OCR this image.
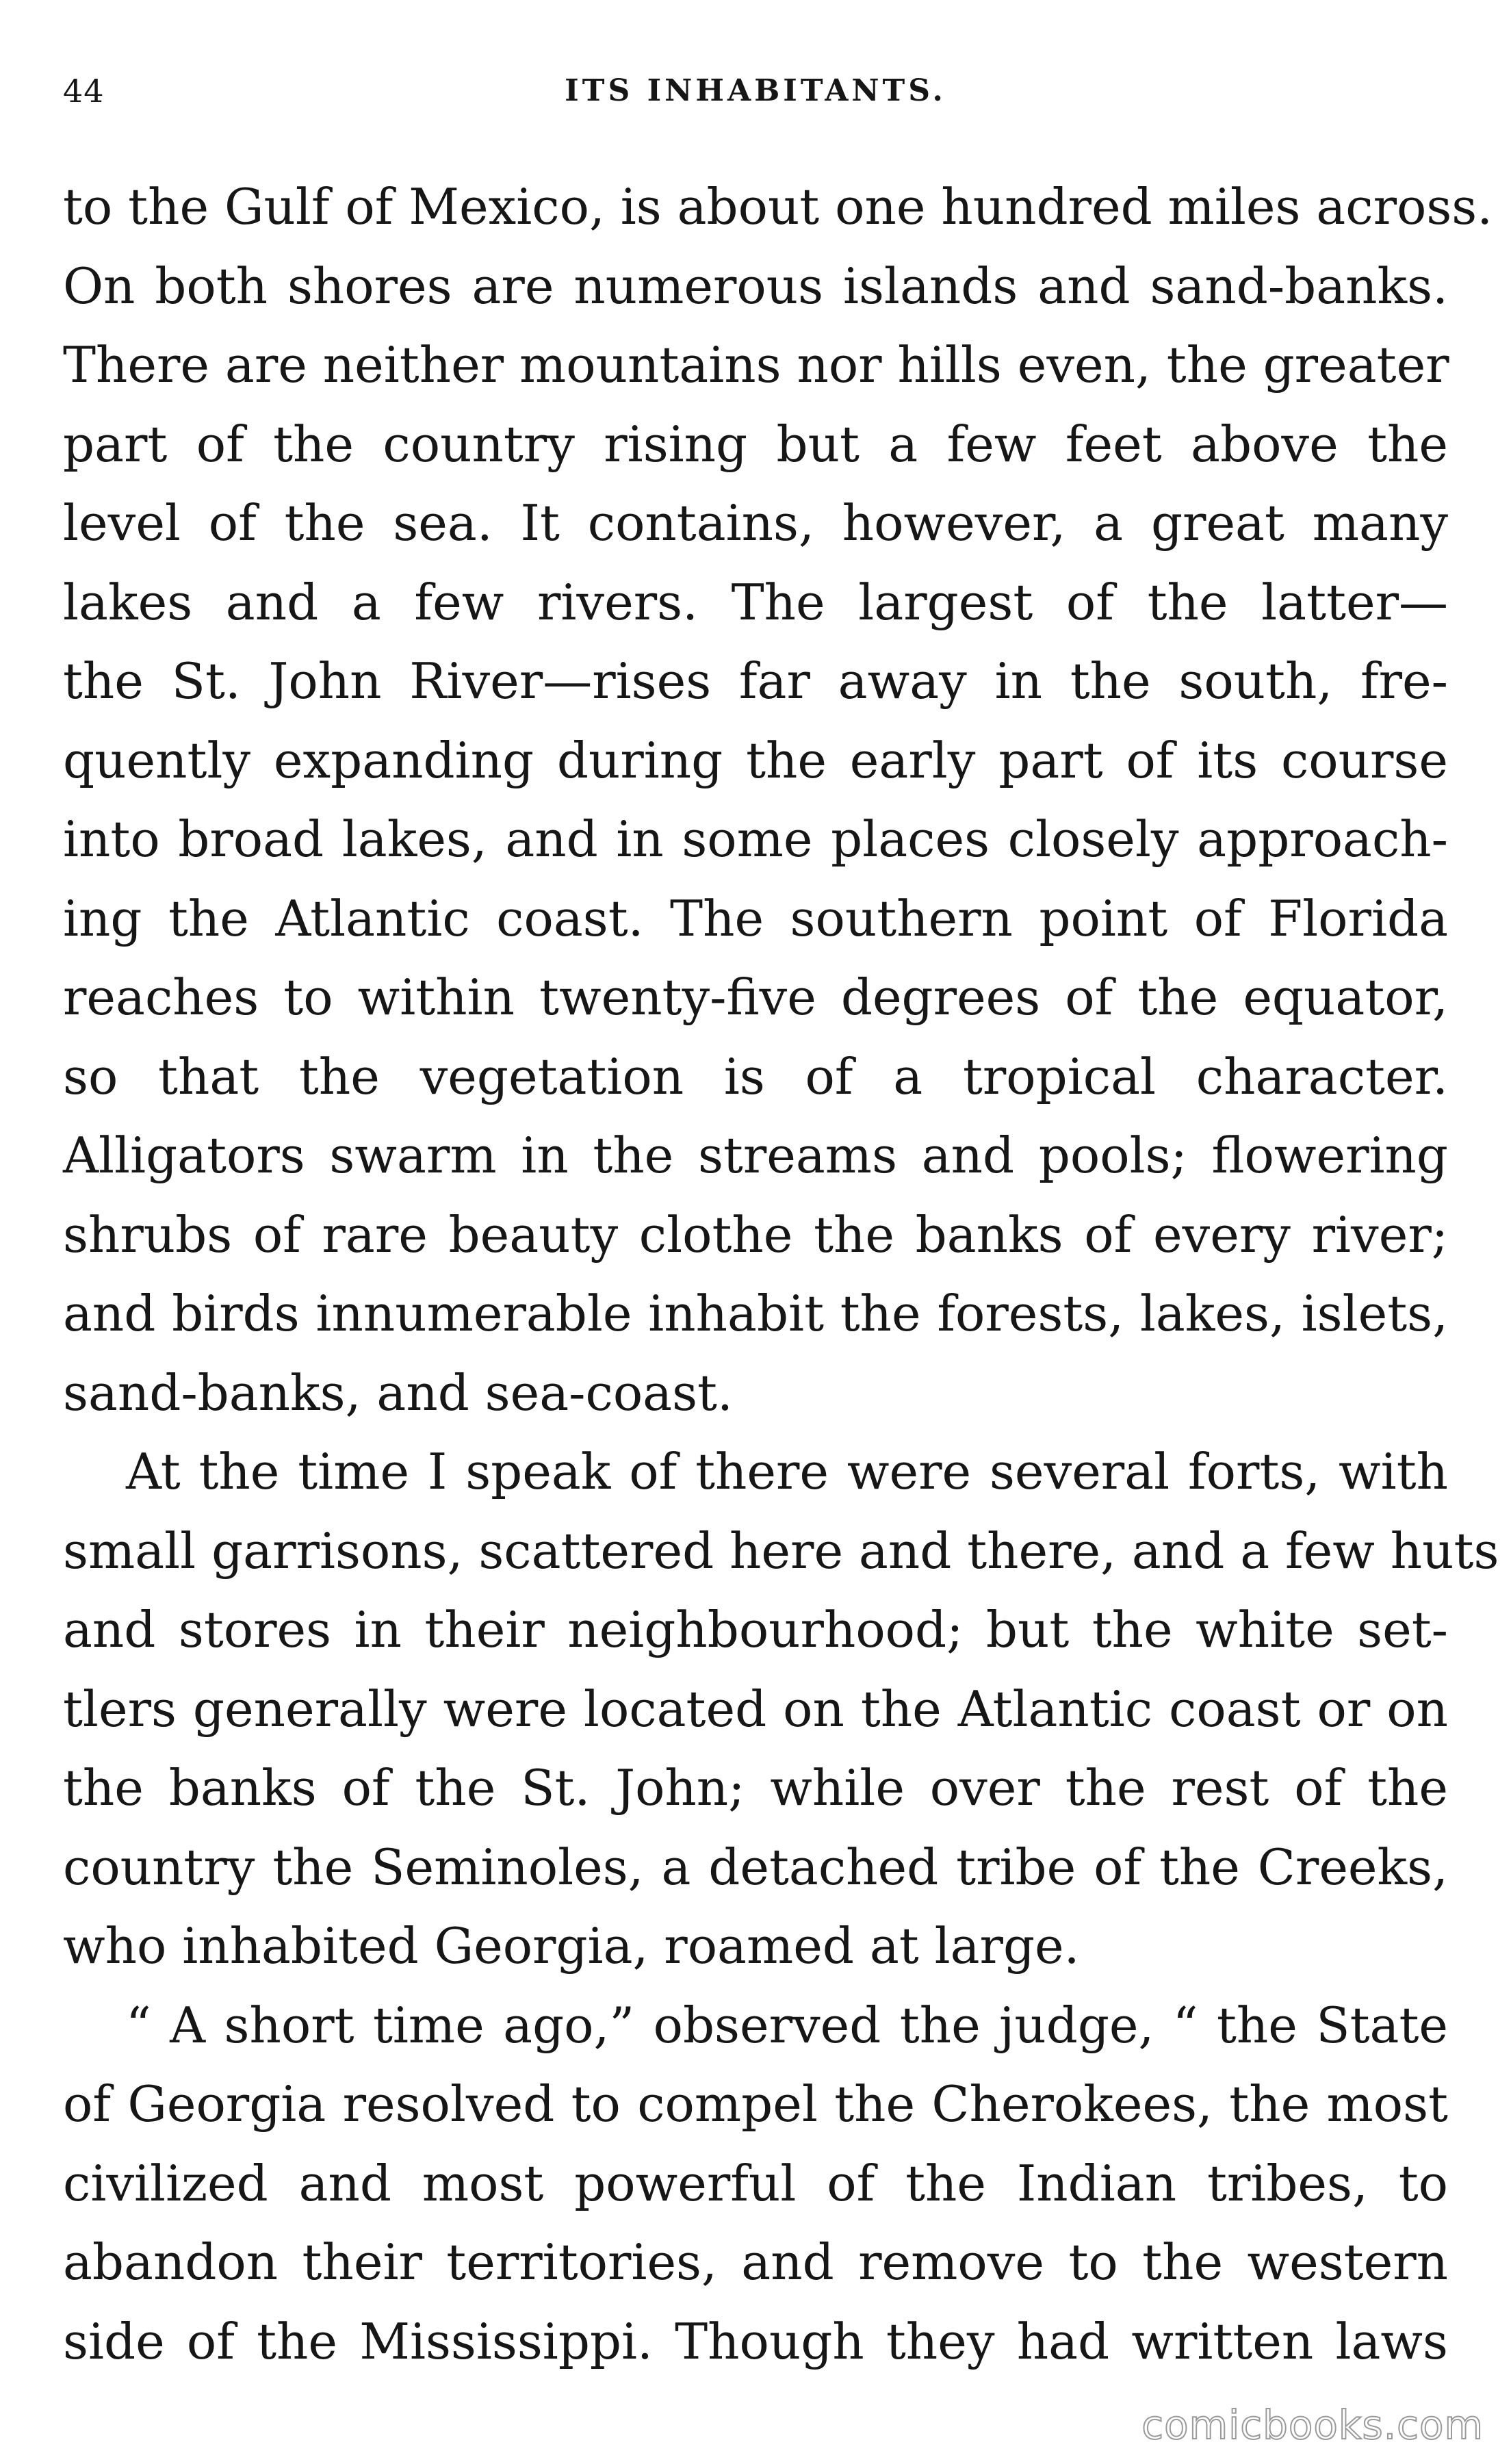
44	ITS INHABITANTS.
to the Gulf of Mexico, is about one hundred miles across.
On both shores are numerous islands and sand-banks.
There are neither mountains nor hills even, the greater
part of the country rising but a few feet above the
level of the sea. It contains, however, a great many
lakes and a few rivers. The largest of the latter—
the St. John River—rises far away in the south, fre-
quently expanding during the early part of its course
into broad lakes, and in some places closely approach-
ing the Atlantic coast. The southern point of Florida
reaches to within twenty-five degrees of the equator,
so that the vegetation is of a tropical character.
Alligators swarm in the streams and pools; flowering
shrubs of rare beauty clothe the banks of every river;
and birds innumerable inhabit the forests, lakes, islets,
sand-banks, and sea-coast.
At the time I speak of there were several forts, with
small garrisons, scattered here and there, and a few huts
and stores in their neighbourhood; but the white set-
tlers generally were located on the Atlantic coast or on
the banks of the St. John; while over the rest of the
country the Seminoles, a detached tribe of the Creeks,
who inhabited Georgia, roamed at large.
“ A short time ago,” observed the judge, “ the State
of Georgia resolved to compel the Cherokees, the most
civilized and most powerful of the Indian tribes, to
abandon their territories, and remove to the western
side of the Mississippi. Though they had written laws
comicbooks.com
